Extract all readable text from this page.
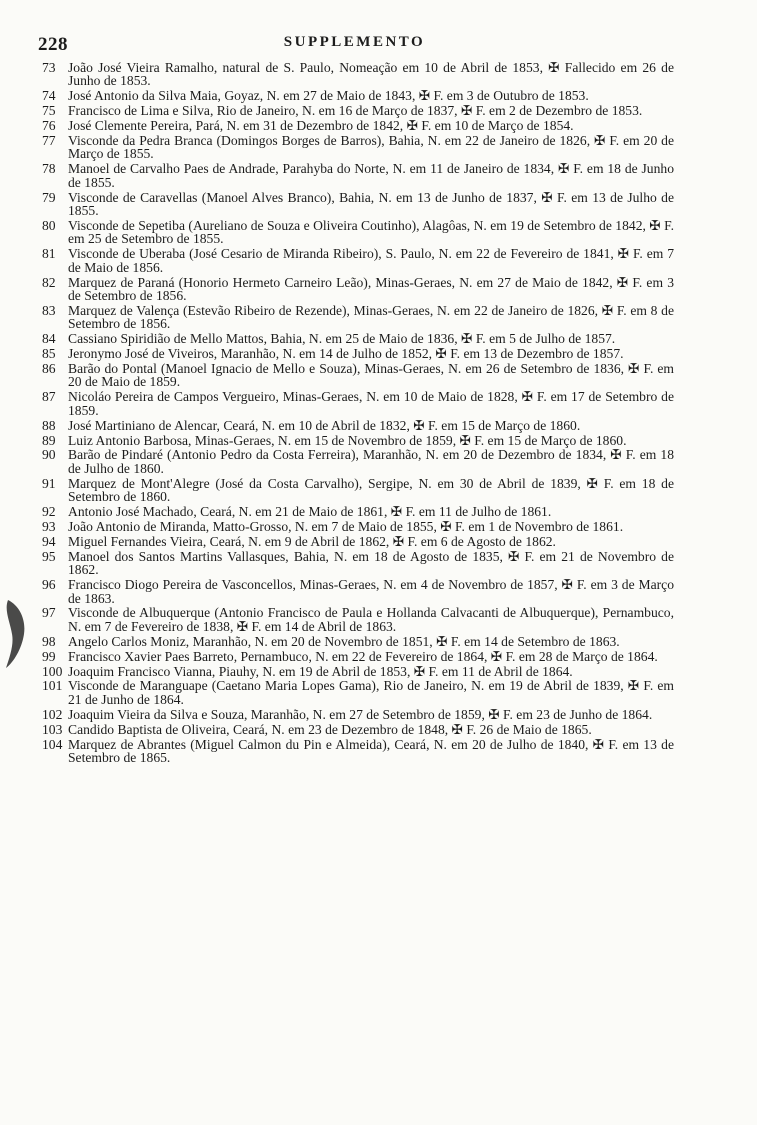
228	SUPPLEMENTO
73 João José Vieira Ramalho, natural de S. Paulo, Nomeação em 10 de Abril de 1853, ✠ Fallecido em 26 de Junho de 1853.
74 José Antonio da Silva Maia, Goyaz, N. em 27 de Maio de 1843, ✠ F. em 3 de Outubro de 1853.
75 Francisco de Lima e Silva, Rio de Janeiro, N. em 16 de Março de 1837, ✠ F. em 2 de Dezembro de 1853.
76 José Clemente Pereira, Pará, N. em 31 de Dezembro de 1842, ✠ F. em 10 de Março de 1854.
77 Visconde da Pedra Branca (Domingos Borges de Barros), Bahia, N. em 22 de Janeiro de 1826, ✠ F. em 20 de Março de 1855.
78 Manoel de Carvalho Paes de Andrade, Parahyba do Norte, N. em 11 de Janeiro de 1834, ✠ F. em 18 de Junho de 1855.
79 Visconde de Caravellas (Manoel Alves Branco), Bahia, N. em 13 de Junho de 1837, ✠ F. em 13 de Julho de 1855.
80 Visconde de Sepetiba (Aureliano de Souza e Oliveira Coutinho), Alagôas, N. em 19 de Setembro de 1842, ✠ F. em 25 de Setembro de 1855.
81 Visconde de Uberaba (José Cesario de Miranda Ribeiro), S. Paulo, N. em 22 de Fevereiro de 1841, ✠ F. em 7 de Maio de 1856.
82 Marquez de Paraná (Honorio Hermeto Carneiro Leão), Minas-Geraes, N. em 27 de Maio de 1842, ✠ F. em 3 de Setembro de 1856.
83 Marquez de Valença (Estevão Ribeiro de Rezende), Minas-Geraes, N. em 22 de Janeiro de 1826, ✠ F. em 8 de Setembro de 1856.
84 Cassiano Spiridião de Mello Mattos, Bahia, N. em 25 de Maio de 1836, ✠ F. em 5 de Julho de 1857.
85 Jeronymo José de Viveiros, Maranhão, N. em 14 de Julho de 1852, ✠ F. em 13 de Dezembro de 1857.
86 Barão do Pontal (Manoel Ignacio de Mello e Souza), Minas-Geraes, N. em 26 de Setembro de 1836, ✠ F. em 20 de Maio de 1859.
87 Nicoláo Pereira de Campos Vergueiro, Minas-Geraes, N. em 10 de Maio de 1828, ✠ F. em 17 de Setembro de 1859.
88 José Martiniano de Alencar, Ceará, N. em 10 de Abril de 1832, ✠ F. em 15 de Março de 1860.
89 Luiz Antonio Barbosa, Minas-Geraes, N. em 15 de Novembro de 1859, ✠ F. em 15 de Março de 1860.
90 Barão de Pindaré (Antonio Pedro da Costa Ferreira), Maranhão, N. em 20 de Dezembro de 1834, ✠ F. em 18 de Julho de 1860.
91 Marquez de Mont'Alegre (José da Costa Carvalho), Sergipe, N. em 30 de Abril de 1839, ✠ F. em 18 de Setembro de 1860.
92 Antonio José Machado, Ceará, N. em 21 de Maio de 1861, ✠ F. em 11 de Julho de 1861.
93 João Antonio de Miranda, Matto-Grosso, N. em 7 de Maio de 1855, ✠ F. em 1 de Novembro de 1861.
94 Miguel Fernandes Vieira, Ceará, N. em 9 de Abril de 1862, ✠ F. em 6 de Agosto de 1862.
95 Manoel dos Santos Martins Vallasques, Bahia, N. em 18 de Agosto de 1835, ✠ F. em 21 de Novembro de 1862.
96 Francisco Diogo Pereira de Vasconcellos, Minas-Geraes, N. em 4 de Novembro de 1857, ✠ F. em 3 de Março de 1863.
97 Visconde de Albuquerque (Antonio Francisco de Paula e Hollanda Calvacanti de Albuquerque), Pernambuco, N. em 7 de Fevereiro de 1838, ✠ F. em 14 de Abril de 1863.
98 Angelo Carlos Moniz, Maranhão, N. em 20 de Novembro de 1851, ✠ F. em 14 de Setembro de 1863.
99 Francisco Xavier Paes Barreto, Pernambuco, N. em 22 de Fevereiro de 1864, ✠ F. em 28 de Março de 1864.
100 Joaquim Francisco Vianna, Piauhy, N. em 19 de Abril de 1853, ✠ F. em 11 de Abril de 1864.
101 Visconde de Maranguape (Caetano Maria Lopes Gama), Rio de Janeiro, N. em 19 de Abril de 1839, ✠ F. em 21 de Junho de 1864.
102 Joaquim Vieira da Silva e Souza, Maranhão, N. em 27 de Setembro de 1859, ✠ F. em 23 de Junho de 1864.
103 Candido Baptista de Oliveira, Ceará, N. em 23 de Dezembro de 1848, ✠ F. 26 de Maio de 1865.
104 Marquez de Abrantes (Miguel Calmon du Pin e Almeida), Ceará, N. em 20 de Julho de 1840, ✠ F. em 13 de Setembro de 1865.
